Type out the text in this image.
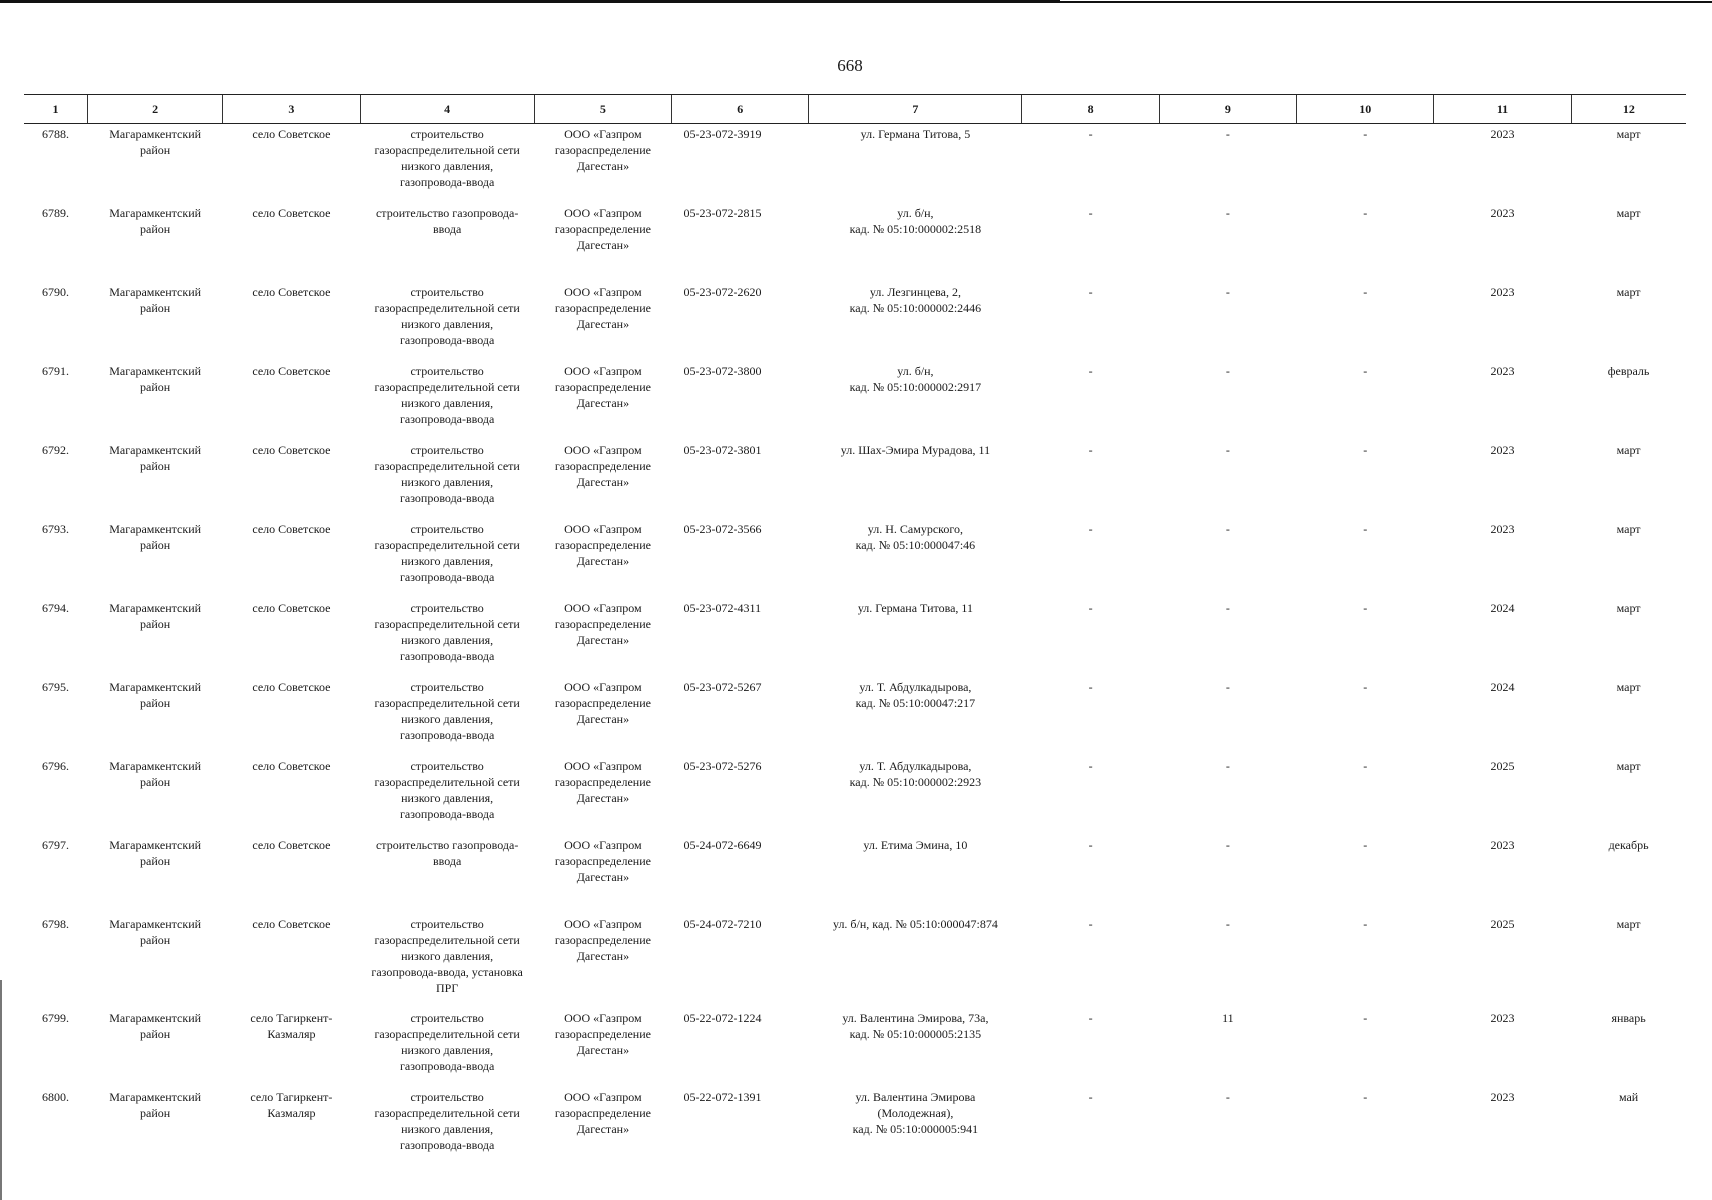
668
1	2	3	4	5	6	7	8	9	10	11	12
6788.	Магарамкентский
район	село Советское	строительство
газораспределительной сети
низкого давления,
газопровода-ввода	ООО «Газпром
газораспределение
Дагестан»	05-23-072-3919	ул. Германа Титова, 5	-	-	-	2023	март
6789.	Магарамкентский
район	село Советское	строительство газопровода-
ввода	ООО «Газпром
газораспределение
Дагестан»	05-23-072-2815	ул. б/н,
кад. № 05:10:000002:2518	-	-	-	2023	март
6790.	Магарамкентский
район	село Советское	строительство
газораспределительной сети
низкого давления,
газопровода-ввода	ООО «Газпром
газораспределение
Дагестан»	05-23-072-2620	ул. Лезгинцева, 2,
кад. № 05:10:000002:2446	-	-	-	2023	март
6791.	Магарамкентский
район	село Советское	строительство
газораспределительной сети
низкого давления,
газопровода-ввода	ООО «Газпром
газораспределение
Дагестан»	05-23-072-3800	ул. б/н,
кад. № 05:10:000002:2917	-	-	-	2023	февраль
6792.	Магарамкентский
район	село Советское	строительство
газораспределительной сети
низкого давления,
газопровода-ввода	ООО «Газпром
газораспределение
Дагестан»	05-23-072-3801	ул. Шах-Эмира Мурадова, 11	-	-	-	2023	март
6793.	Магарамкентский
район	село Советское	строительство
газораспределительной сети
низкого давления,
газопровода-ввода	ООО «Газпром
газораспределение
Дагестан»	05-23-072-3566	ул. Н. Самурского,
кад. № 05:10:000047:46	-	-	-	2023	март
6794.	Магарамкентский
район	село Советское	строительство
газораспределительной сети
низкого давления,
газопровода-ввода	ООО «Газпром
газораспределение
Дагестан»	05-23-072-4311	ул. Германа Титова, 11	-	-	-	2024	март
6795.	Магарамкентский
район	село Советское	строительство
газораспределительной сети
низкого давления,
газопровода-ввода	ООО «Газпром
газораспределение
Дагестан»	05-23-072-5267	ул. Т. Абдулкадырова,
кад. № 05:10:00047:217	-	-	-	2024	март
6796.	Магарамкентский
район	село Советское	строительство
газораспределительной сети
низкого давления,
газопровода-ввода	ООО «Газпром
газораспределение
Дагестан»	05-23-072-5276	ул. Т. Абдулкадырова,
кад. № 05:10:000002:2923	-	-	-	2025	март
6797.	Магарамкентский
район	село Советское	строительство газопровода-
ввода	ООО «Газпром
газораспределение
Дагестан»	05-24-072-6649	ул. Етима Эмина, 10	-	-	-	2023	декабрь
6798.	Магарамкентский
район	село Советское	строительство
газораспределительной сети
низкого давления,
газопровода-ввода, установка
ПРГ	ООО «Газпром
газораспределение
Дагестан»	05-24-072-7210	ул. б/н, кад. № 05:10:000047:874	-	-	-	2025	март
6799.	Магарамкентский
район	село Тагиркент-
Казмаляр	строительство
газораспределительной сети
низкого давления,
газопровода-ввода	ООО «Газпром
газораспределение
Дагестан»	05-22-072-1224	ул. Валентина Эмирова, 73а,
кад. № 05:10:000005:2135	-	11	-	2023	январь
6800.	Магарамкентский
район	село Тагиркент-
Казмаляр	строительство
газораспределительной сети
низкого давления,
газопровода-ввода	ООО «Газпром
газораспределение
Дагестан»	05-22-072-1391	ул. Валентина Эмирова
(Молодежная),
кад. № 05:10:000005:941	-	-	-	2023	май
